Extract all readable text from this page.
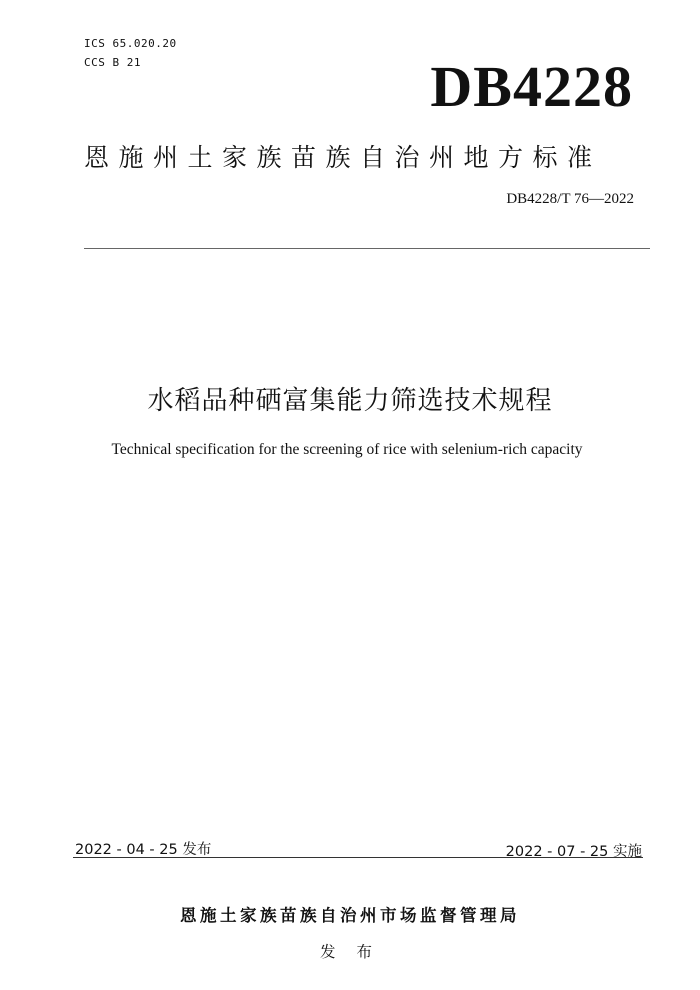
ICS 65.020.20
CCS B 21	DB4228
恩施州土家族苗族自治州地方标准
DB4228/T 76—2022
水稻品种硒富集能力筛选技术规程
Technical specification for the screening of rice with selenium-rich capacity
2022 - 04 - 25 发布	2022 - 07 - 25 实施
恩施土家族苗族自治州市场监督管理局
发 布
